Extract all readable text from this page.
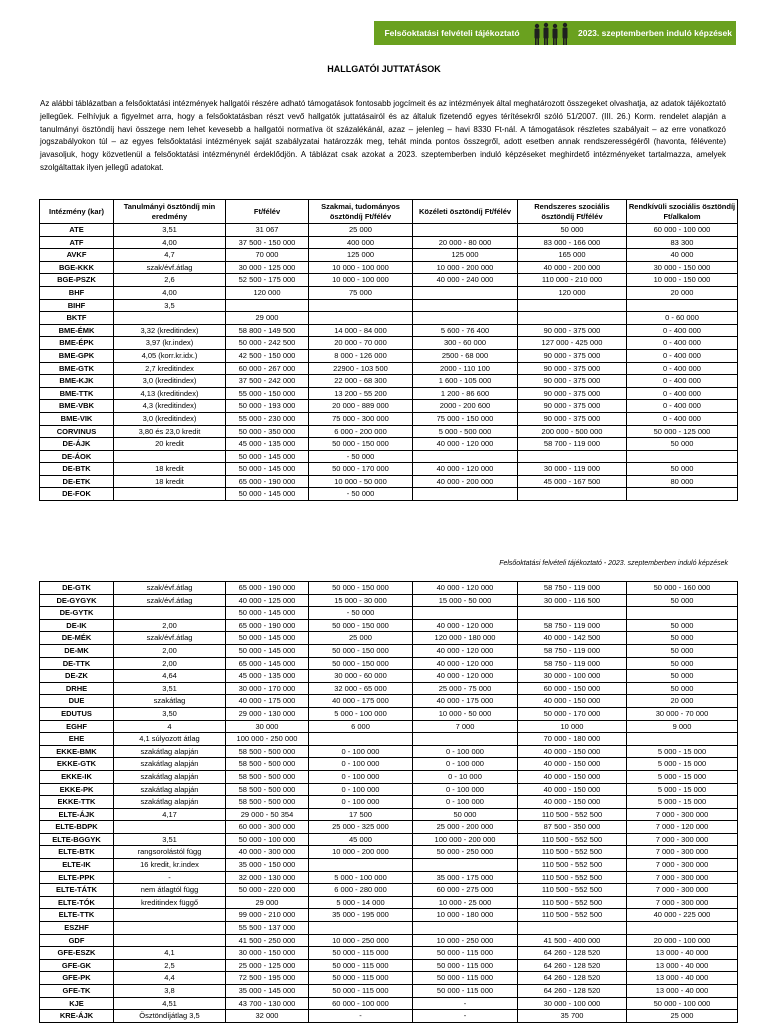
Felsőoktatási felvételi tájékoztató	2023. szeptemberben induló képzések
HALLGATÓI JUTTATÁSOK
Az alábbi táblázatban a felsőoktatási intézmények hallgatói részére adható támogatások fontosabb jogcímeit és az intézmények által meghatározott összegeket olvashatja, az adatok tájékoztató jellegűek. Felhívjuk a figyelmet arra, hogy a felsőoktatásban részt vevő hallgatók juttatásairól és az általuk fizetendő egyes térítésekről szóló 51/2007. (III. 26.) Korm. rendelet alapján a tanulmányi ösztöndíj havi összege nem lehet kevesebb a hallgatói normatíva öt százalékánál, azaz – jelenleg – havi 8330 Ft-nál. A támogatások részletes szabályait – az erre vonatkozó jogszabályokon túl – az egyes felsőoktatási intézmények saját szabályzatai határozzák meg, tehát minda pontos összegről, adott esetben annak rendszerességéről (havonta, félévente) javasoljuk, hogy közvetlenül a felsőoktatási intézménynél érdeklődjön. A táblázat csak azokat a 2023. szeptemberben induló képzéseket meghirdető intézményeket tartalmazza, amelyek szolgáltattak ilyen jellegű adatokat.
Intézmény (kar)	Tanulmányi ösztöndíj min eredmény	Ft/félév	Szakmai, tudományos ösztöndíj Ft/félév	Közéleti ösztöndíj Ft/félév	Rendszeres szociális ösztöndíj Ft/félév	Rendkívüli szociális ösztöndíj Ft/alkalom
ATE	3,51	31 067	25 000		50 000	60 000 - 100 000
ATF	4,00	37 500 - 150 000	400 000	20 000 - 80 000	83 000 - 166 000	83 300
AVKF	4,7	70 000	125 000	125 000	165 000	40 000
BGE-KKK	szak/évf.átlag	30 000 - 125 000	10 000 - 100 000	10 000 - 200 000	40 000 - 200 000	30 000 - 150 000
BGE-PSZK	2,6	52 500 - 175 000	10 000 - 100 000	40 000 - 240 000	110 000 - 210 000	10 000 - 150 000
BHF	4,00	120 000	75 000		120 000	20 000
BIHF	3,5					
BKTF		29 000				0 - 60 000
BME-ÉMK	3,32 (kreditindex)	58 800 - 149 500	14 000 - 84 000	5 600 - 76 400	90 000 - 375 000	0 - 400 000
BME-ÉPK	3,97 (kr.index)	50 000 - 242 500	20 000 - 70 000	300 - 60 000	127 000 - 425 000	0 - 400 000
BME-GPK	4,05 (korr.kr.idx.)	42 500 - 150 000	8 000 - 126 000	2500 - 68 000	90 000 - 375 000	0 - 400 000
BME-GTK	2,7 kreditindex	60 000 - 267 000	22900 - 103 500	2000 - 110 100	90 000 - 375 000	0 - 400 000
BME-KJK	3,0 (kreditindex)	37 500 - 242 000	22 000 - 68 300	1 600 - 105 000	90 000 - 375 000	0 - 400 000
BME-TTK	4,13 (kreditindex)	55 000 - 150 000	13 200 - 55 200	1 200 - 86 600	90 000 - 375 000	0 - 400 000
BME-VBK	4,3 (kreditindex)	50 000 - 193 000	20 000 - 889 000	2000 - 200 600	90 000 - 375 000	0 - 400 000
BME-VIK	3,0 (kreditindex)	55 000 - 230 000	75 000 - 300 000	75 000 - 150 000	90 000 - 375 000	0 - 400 000
CORVINUS	3,80 és 23,0 kredit	50 000 - 350 000	6 000 - 200 000	5 000 - 500 000	200 000 - 500 000	50 000 - 125 000
DE-ÁJK	20 kredit	45 000 - 135 000	50 000 - 150 000	40 000 - 120 000	58 700 - 119 000	50 000
DE-ÁOK		50 000 - 145 000	- 50 000			
DE-BTK	18 kredit	50 000 - 145 000	50 000 - 170 000	40 000 - 120 000	30 000 - 119 000	50 000
DE-ETK	18 kredit	65 000 - 190 000	10 000 - 50 000	40 000 - 200 000	45 000 - 167 500	80 000
DE-FOK		50 000 - 145 000	- 50 000			
Felsőoktatási felvételi tájékoztató - 2023. szeptemberben induló képzések
DE-GTK	szak/évf.átlag	65 000 - 190 000	50 000 - 150 000	40 000 - 120 000	58 750 - 119 000	50 000 - 160 000
DE-GYGYK	szak/évf.átlag	40 000 - 125 000	15 000 - 30 000	15 000 - 50 000	30 000 - 116 500	50 000
DE-GYTK		50 000 - 145 000	- 50 000			
DE-IK	2,00	65 000 - 190 000	50 000 - 150 000	40 000 - 120 000	58 750 - 119 000	50 000
DE-MÉK	szak/évf.átlag	50 000 - 145 000	25 000	120 000 - 180 000	40 000 - 142 500	50 000
DE-MK	2,00	50 000 - 145 000	50 000 - 150 000	40 000 - 120 000	58 750 - 119 000	50 000
DE-TTK	2,00	65 000 - 145 000	50 000 - 150 000	40 000 - 120 000	58 750 - 119 000	50 000
DE-ZK	4,64	45 000 - 135 000	30 000 - 60 000	40 000 - 120 000	30 000 - 100 000	50 000
DRHE	3,51	30 000 - 170 000	32 000 - 65 000	25 000 - 75 000	60 000 - 150 000	50 000
DUE	szakátlag	40 000 - 175 000	40 000 - 175 000	40 000 - 175 000	40 000 - 150 000	20 000
EDUTUS	3,50	29 000 - 130 000	5 000 - 100 000	10 000 - 50 000	50 000 - 170 000	30 000 - 70 000
EGHF	4	30 000	6 000	7 000	10 000	9 000
EHE	4,1 súlyozott átlag	100 000 - 250 000			70 000 - 180 000	
EKKE-BMK	szakátlag alapján	58 500 - 500 000	0 - 100 000	0 - 100 000	40 000 - 150 000	5 000 - 15 000
EKKE-GTK	szakátlag alapján	58 500 - 500 000	0 - 100 000	0 - 100 000	40 000 - 150 000	5 000 - 15 000
EKKE-IK	szakátlag alapján	58 500 - 500 000	0 - 100 000	0 - 10 000	40 000 - 150 000	5 000 - 15 000
EKKE-PK	szakátlag alapján	58 500 - 500 000	0 - 100 000	0 - 100 000	40 000 - 150 000	5 000 - 15 000
EKKE-TTK	szakátlag alapján	58 500 - 500 000	0 - 100 000	0 - 100 000	40 000 - 150 000	5 000 - 15 000
ELTE-ÁJK	4,17	29 000 - 50 354	17 500	50 000	110 500 - 552 500	7 000 - 300 000
ELTE-BDPK		60 000 - 300 000	25 000 - 325 000	25 000 - 200 000	87 500 - 350 000	7 000 - 120 000
ELTE-BGGYK	3,51	50 000 - 100 000	45 000	100 000 - 200 000	110 500 - 552 500	7 000 - 300 000
ELTE-BTK	rangsorolástól függ	40 000 - 300 000	10 000 - 200 000	50 000 - 250 000	110 500 - 552 500	7 000 - 300 000
ELTE-IK	16 kredit, kr.index	35 000 - 150 000			110 500 - 552 500	7 000 - 300 000
ELTE-PPK	-	32 000 - 130 000	5 000 - 100 000	35 000 - 175 000	110 500 - 552 500	7 000 - 300 000
ELTE-TÁTK	nem átlagtól függ	50 000 - 220 000	6 000 - 280 000	60 000 - 275 000	110 500 - 552 500	7 000 - 300 000
ELTE-TÓK	kreditindex függő	29 000	5 000 - 14 000	10 000 - 25 000	110 500 - 552 500	7 000 - 300 000
ELTE-TTK		99 000 - 210 000	35 000 - 195 000	10 000 - 180 000	110 500 - 552 500	40 000 - 225 000
ESZHF		55 500 - 137 000				
GDF		41 500 - 250 000	10 000 - 250 000	10 000 - 250 000	41 500 - 400 000	20 000 - 100 000
GFE-ESZK	4,1	30 000 - 150 000	50 000 - 115 000	50 000 - 115 000	64 260 - 128 520	13 000 - 40 000
GFE-GK	2,5	25 000 - 125 000	50 000 - 115 000	50 000 - 115 000	64 260 - 128 520	13 000 - 40 000
GFE-PK	4,4	72 500 - 195 000	50 000 - 115 000	50 000 - 115 000	64 260 - 128 520	13 000 - 40 000
GFE-TK	3,8	35 000 - 145 000	50 000 - 115 000	50 000 - 115 000	64 260 - 128 520	13 000 - 40 000
KJE	4,51	43 700 - 130 000	60 000 - 100 000	-	30 000 - 100 000	50 000 - 100 000
KRE-ÁJK	Ösztöndíjátlag 3,5	32 000	-	-	35 700	25 000
